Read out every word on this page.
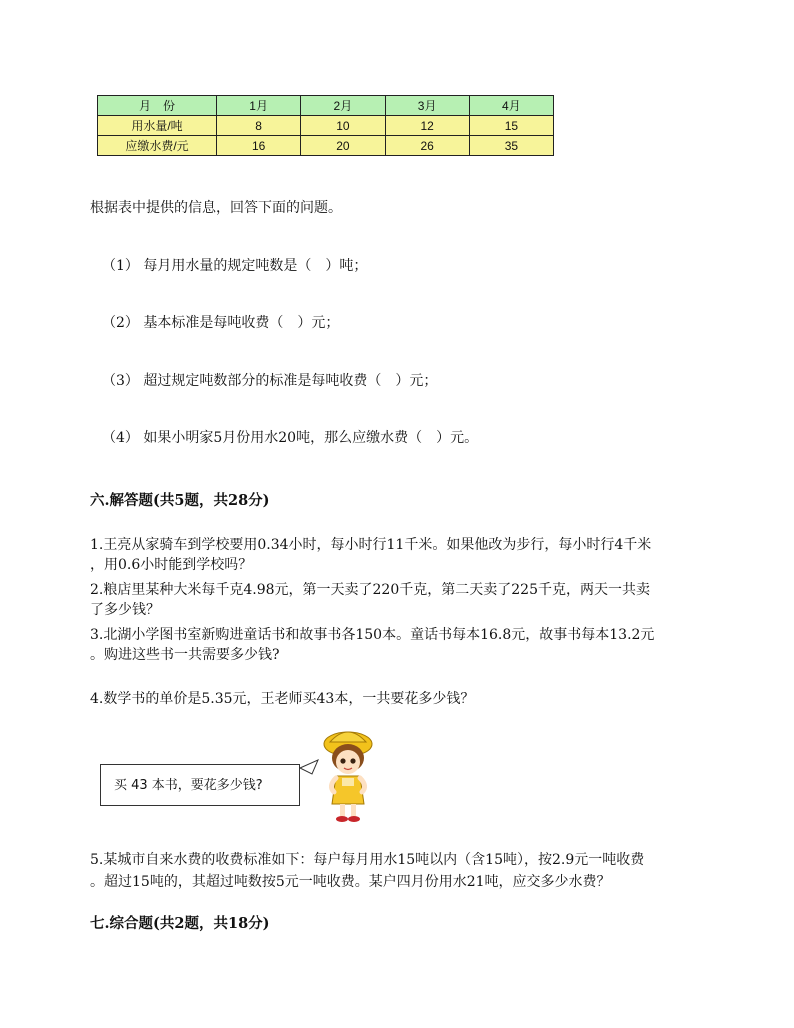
月　份	1月	2月	3月	4月
用水量/吨	8	10	12	15
应缴水费/元	16	20	26	35
根据表中提供的信息，回答下面的问题。
（1） 每月用水量的规定吨数是（　）吨；
（2） 基本标准是每吨收费（　）元；
（3） 超过规定吨数部分的标准是每吨收费（　）元；
（4） 如果小明家5月份用水20吨，那么应缴水费（　）元。
六.解答题(共5题，共28分)
1.王亮从家骑车到学校要用0.34小时，每小时行11千米。如果他改为步行，每小时行4千米
，用0.6小时能到学校吗？
2.粮店里某种大米每千克4.98元，第一天卖了220千克，第二天卖了225千克，两天一共卖
了多少钱？
3.北湖小学图书室新购进童话书和故事书各150本。童话书每本16.8元，故事书每本13.2元
。购进这些书一共需要多少钱?
4.数学书的单价是5.35元，王老师买43本，一共要花多少钱？
买 43 本书，要花多少钱?
5.某城市自来水费的收费标准如下：每户每月用水15吨以内（含15吨），按2.9元一吨收费
。超过15吨的，其超过吨数按5元一吨收费。某户四月份用水21吨，应交多少水费？
七.综合题(共2题，共18分)
